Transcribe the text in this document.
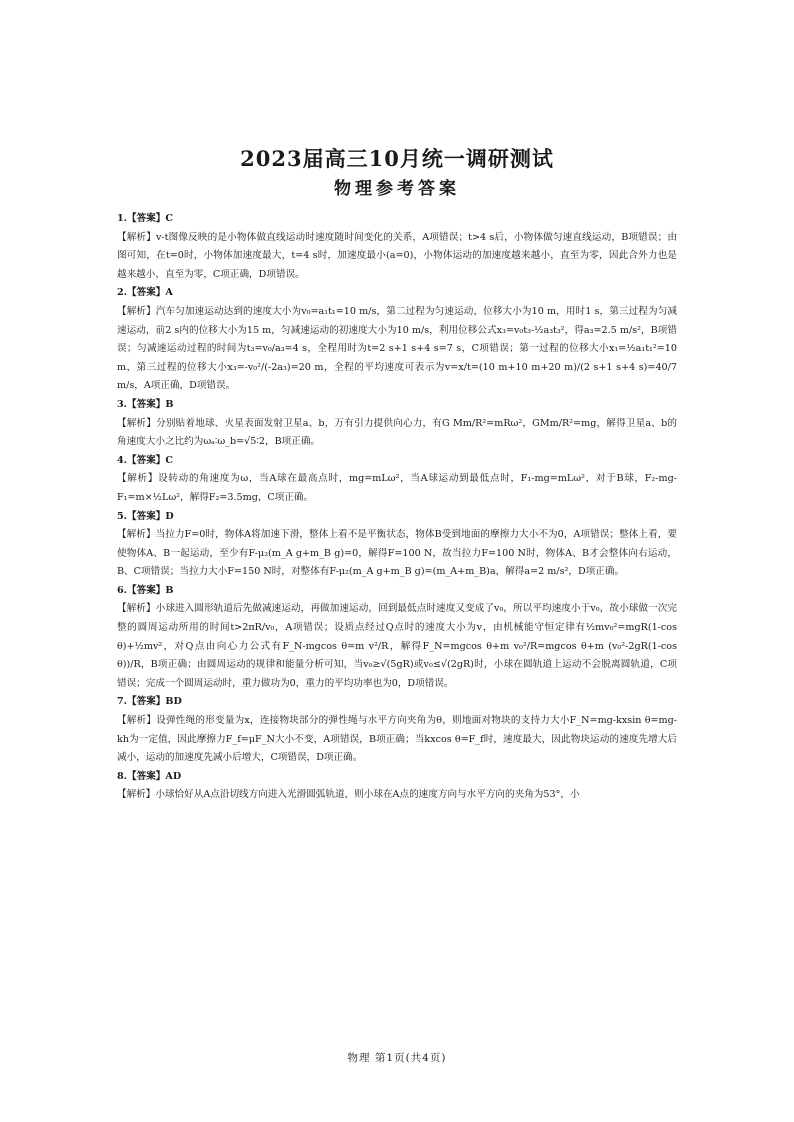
2023届高三10月统一调研测试
物理参考答案
1.【答案】C
【解析】v-t图像反映的是小物体做直线运动时速度随时间变化的关系，A项错误；t>4 s后，小物体做匀速直线运动，B项错误；由图可知，在t=0时，小物体加速度最大，t=4 s时，加速度最小(a=0)，小物体运动的加速度越来越小，直至为零，因此合外力也是越来越小，直至为零，C项正确，D项错误。
2.【答案】A
【解析】汽车匀加速运动达到的速度大小为v₀=a₁t₁=10 m/s，第二过程为匀速运动，位移大小为10 m，用时1 s，第三过程为匀减速运动，前2 s内的位移大小为15 m，匀减速运动的初速度大小为10 m/s，利用位移公式x₃=v₀t₃-½a₃t₃²，得a₃=2.5 m/s²，B项错误；匀减速运动过程的时间为t₃=v₀/a₃=4 s，全程用时为t=2 s+1 s+4 s=7 s，C项错误；第一过程的位移大小x₁=½a₁t₁²=10 m，第三过程的位移大小x₃=-v₀²/(-2a₃)=20 m，全程的平均速度可表示为v=x/t=(10 m+10 m+20 m)/(2 s+1 s+4 s)=40/7 m/s，A项正确，D项错误。
3.【答案】B
【解析】分别贴着地球、火星表面发射卫星a、b，万有引力提供向心力，有G Mm/R²=mRω²，GMm/R²=mg，解得卫星a、b的角速度大小之比约为ωₐ∶ω_b=√5∶2，B项正确。
4.【答案】C
【解析】设转动的角速度为ω，当A球在最高点时，mg=mLω²，当A球运动到最低点时，F₁-mg=mLω²，对于B球，F₂-mg-F₁=m×½Lω²，解得F₂=3.5mg，C项正确。
5.【答案】D
【解析】当拉力F=0时，物体A将加速下滑，整体上看不是平衡状态，物体B受到地面的摩擦力大小不为0，A项错误；整体上看，要使物体A、B一起运动，至少有F-μ₂(m_A g+m_B g)=0，解得F=100 N，故当拉力F=100 N时，物体A、B才会整体向右运动，B、C项错误；当拉力大小F=150 N时，对整体有F-μ₂(m_A g+m_B g)=(m_A+m_B)a，解得a=2 m/s²，D项正确。
6.【答案】B
【解析】小球进入圆形轨道后先做减速运动，再做加速运动，回到最低点时速度又变成了v₀，所以平均速度小于v₀，故小球做一次完整的圆周运动所用的时间t>2πR/v₀，A项错误；设质点经过Q点时的速度大小为v，由机械能守恒定律有½mv₀²=mgR(1-cos θ)+½mv²，对Q点由向心力公式有F_N-mgcos θ=m v²/R，解得F_N=mgcos θ+m v₀²/R=mgcos θ+m (v₀²-2gR(1-cos θ))/R，B项正确；由圆周运动的规律和能量分析可知，当v₀≥√(5gR)或v₀≤√(2gR)时，小球在圆轨道上运动不会脱离圆轨道，C项错误；完成一个圆周运动时，重力做功为0，重力的平均功率也为0，D项错误。
7.【答案】BD
【解析】设弹性绳的形变量为x，连接物块部分的弹性绳与水平方向夹角为θ，则地面对物块的支持力大小F_N=mg-kxsin θ=mg-kh为一定值，因此摩擦力F_f=μF_N大小不变，A项错误，B项正确；当kxcos θ=F_f时，速度最大，因此物块运动的速度先增大后减小，运动的加速度先减小后增大，C项错误，D项正确。
8.【答案】AD
【解析】小球恰好从A点沿切线方向进入光滑圆弧轨道，则小球在A点的速度方向与水平方向的夹角为53°，小
物理 第1页(共4页)
